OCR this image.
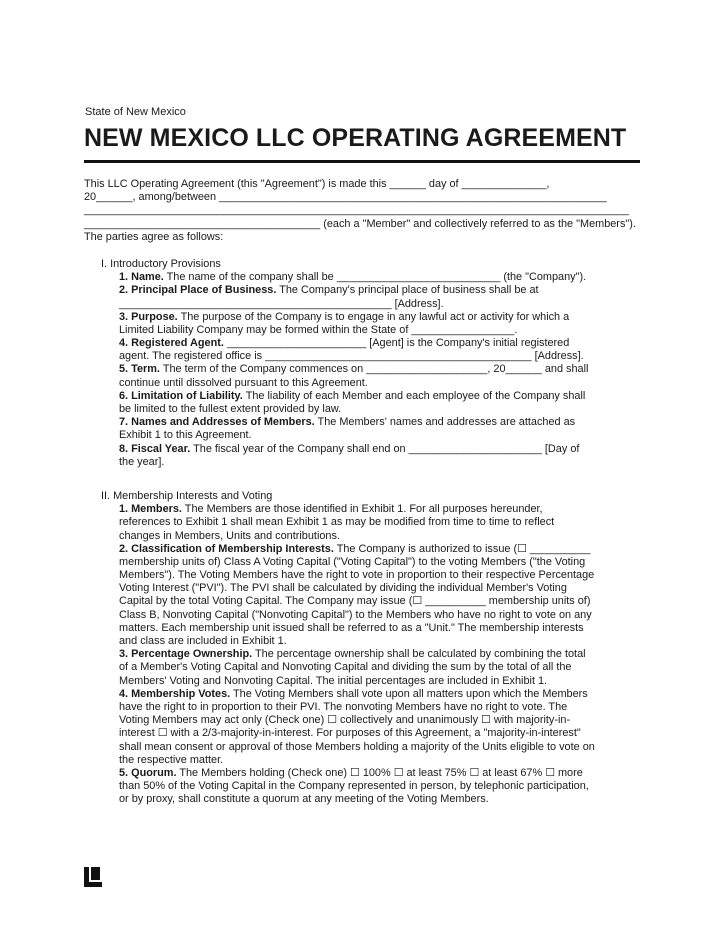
State of New Mexico
NEW MEXICO LLC OPERATING AGREEMENT
This LLC Operating Agreement (this "Agreement") is made this ______ day of ______________,
20______, among/between ________________________________________________________________
__________________________________________________________________________________________
_______________________________________ (each a "Member" and collectively referred to as the "Members").
The parties agree as follows:
I. Introductory Provisions
1. Name. The name of the company shall be ___________________________ (the "Company").
2. Principal Place of Business. The Company's principal place of business shall be at
_____________________________________________ [Address].
3. Purpose. The purpose of the Company is to engage in any lawful act or activity for which a
Limited Liability Company may be formed within the State of _________________.
4. Registered Agent. _______________________ [Agent] is the Company's initial registered
agent. The registered office is ____________________________________________ [Address].
5. Term. The term of the Company commences on ____________________, 20______ and shall
continue until dissolved pursuant to this Agreement.
6. Limitation of Liability. The liability of each Member and each employee of the Company shall
be limited to the fullest extent provided by law.
7. Names and Addresses of Members. The Members' names and addresses are attached as
Exhibit 1 to this Agreement.
8. Fiscal Year. The fiscal year of the Company shall end on ______________________ [Day of
the year].
II. Membership Interests and Voting
1. Members. The Members are those identified in Exhibit 1. For all purposes hereunder,
references to Exhibit 1 shall mean Exhibit 1 as may be modified from time to time to reflect
changes in Members, Units and contributions.
2. Classification of Membership Interests. The Company is authorized to issue (☐ __________
membership units of) Class A Voting Capital ("Voting Capital") to the voting Members ("the Voting
Members"). The Voting Members have the right to vote in proportion to their respective Percentage
Voting Interest ("PVI"). The PVI shall be calculated by dividing the individual Member's Voting
Capital by the total Voting Capital. The Company may issue (☐ __________ membership units of)
Class B, Nonvoting Capital ("Nonvoting Capital") to the Members who have no right to vote on any
matters. Each membership unit issued shall be referred to as a "Unit." The membership interests
and class are included in Exhibit 1.
3. Percentage Ownership. The percentage ownership shall be calculated by combining the total
of a Member's Voting Capital and Nonvoting Capital and dividing the sum by the total of all the
Members' Voting and Nonvoting Capital. The initial percentages are included in Exhibit 1.
4. Membership Votes. The Voting Members shall vote upon all matters upon which the Members
have the right to in proportion to their PVI. The nonvoting Members have no right to vote. The
Voting Members may act only (Check one) ☐ collectively and unanimously ☐ with majority-in-
interest ☐ with a 2/3-majority-in-interest. For purposes of this Agreement, a "majority-in-interest"
shall mean consent or approval of those Members holding a majority of the Units eligible to vote on
the respective matter.
5. Quorum. The Members holding (Check one) ☐ 100% ☐ at least 75% ☐ at least 67% ☐ more
than 50% of the Voting Capital in the Company represented in person, by telephonic participation,
or by proxy, shall constitute a quorum at any meeting of the Voting Members.
